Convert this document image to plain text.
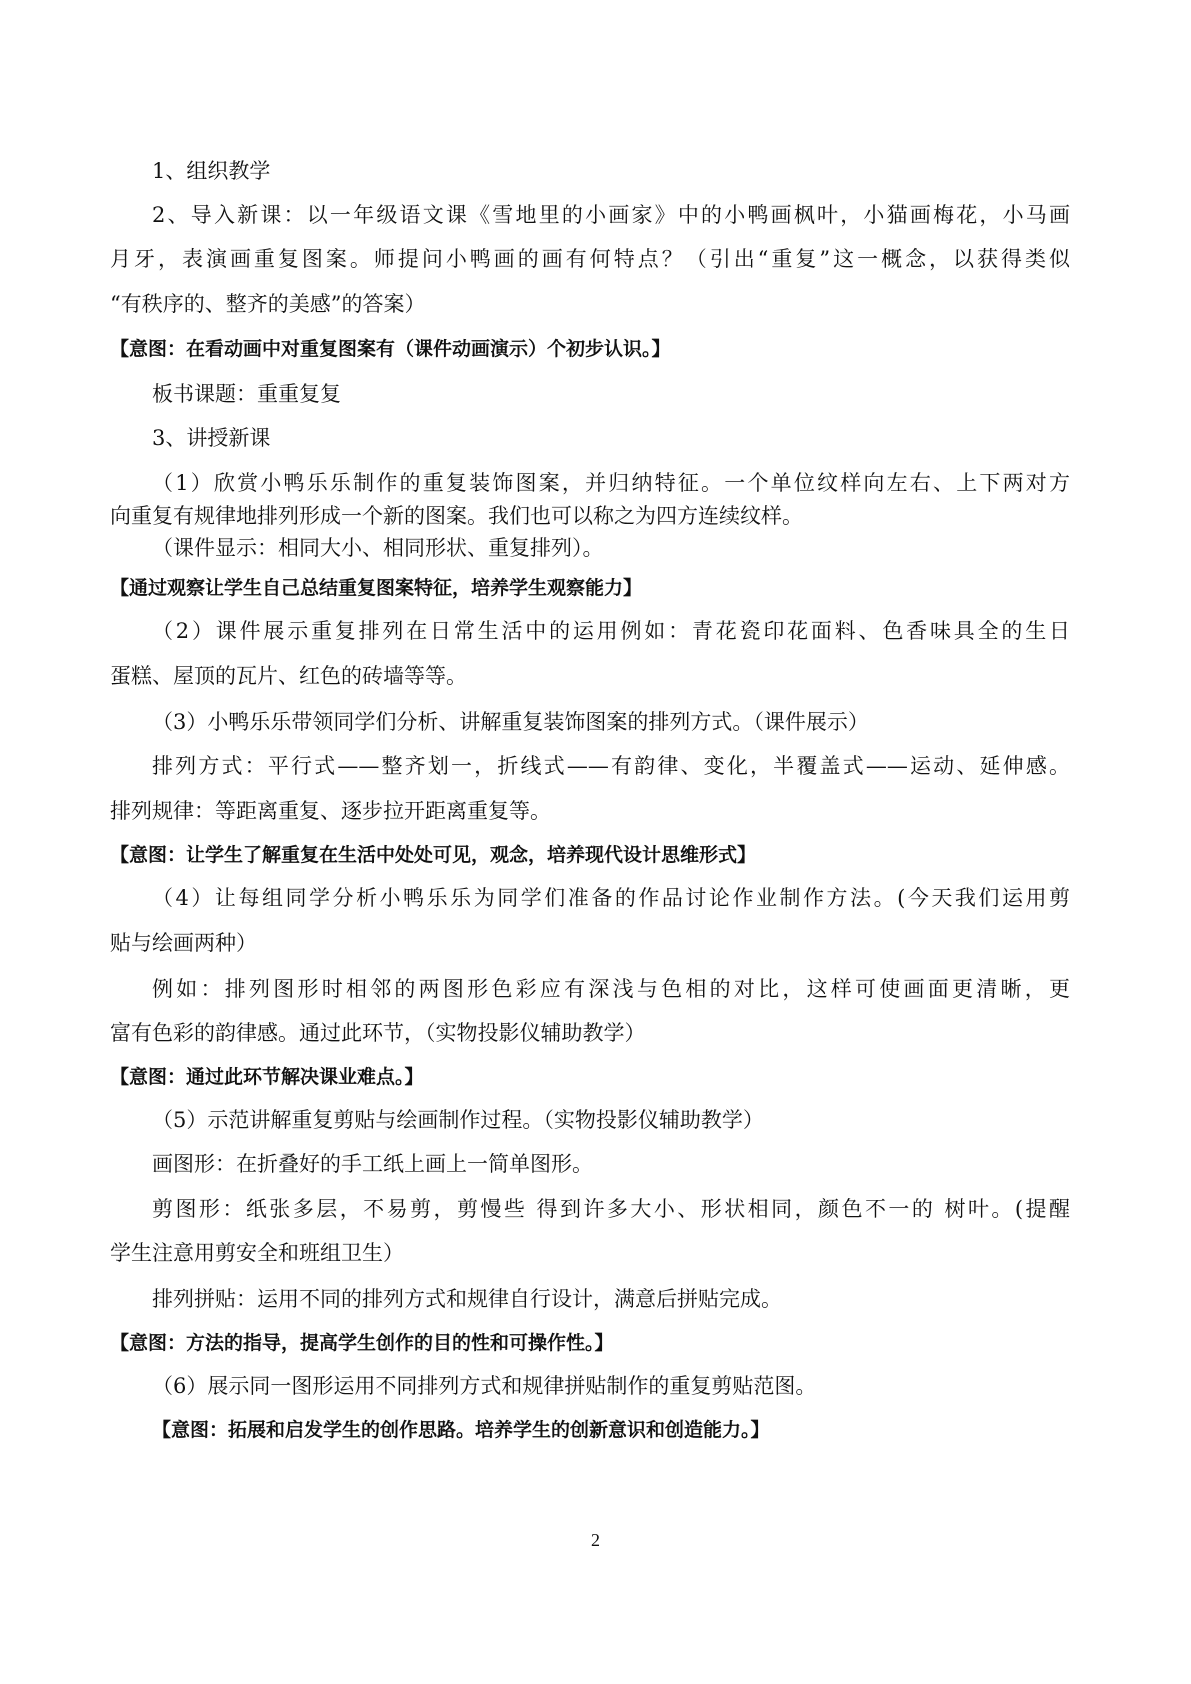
1、组织教学
2、导入新课：以一年级语文课《雪地里的小画家》中的小鸭画枫叶，小猫画梅花，小马画
月牙，表演画重复图案。师提问小鸭画的画有何特点？（引出“重复”这一概念，以获得类似
“有秩序的、整齐的美感”的答案）
【意图：在看动画中对重复图案有（课件动画演示）个初步认识。】
板书课题：重重复复
3、讲授新课
（1）欣赏小鸭乐乐制作的重复装饰图案，并归纳特征。一个单位纹样向左右、上下两对方
向重复有规律地排列形成一个新的图案。我们也可以称之为四方连续纹样。
（课件显示：相同大小、相同形状、重复排列）。
【通过观察让学生自己总结重复图案特征，培养学生观察能力】
（2）课件展示重复排列在日常生活中的运用例如：青花瓷印花面料、色香味具全的生日
蛋糕、屋顶的瓦片、红色的砖墙等等。
（3）小鸭乐乐带领同学们分析、讲解重复装饰图案的排列方式。（课件展示）
排列方式：平行式——整齐划一，折线式——有韵律、变化，半覆盖式——运动、延伸感。
排列规律：等距离重复、逐步拉开距离重复等。
【意图：让学生了解重复在生活中处处可见，观念，培养现代设计思维形式】
（4）让每组同学分析小鸭乐乐为同学们准备的作品讨论作业制作方法。(今天我们运用剪
贴与绘画两种）
例如：排列图形时相邻的两图形色彩应有深浅与色相的对比，这样可使画面更清晰，更
富有色彩的韵律感。通过此环节，（实物投影仪辅助教学）
【意图：通过此环节解决课业难点。】
（5）示范讲解重复剪贴与绘画制作过程。（实物投影仪辅助教学）
画图形：在折叠好的手工纸上画上一简单图形。
剪图形：纸张多层，不易剪，剪慢些 得到许多大小、形状相同，颜色不一的 树叶。(提醒
学生注意用剪安全和班组卫生）
排列拼贴：运用不同的排列方式和规律自行设计，满意后拼贴完成。
【意图：方法的指导，提高学生创作的目的性和可操作性。】
（6）展示同一图形运用不同排列方式和规律拼贴制作的重复剪贴范图。
【意图：拓展和启发学生的创作思路。培养学生的创新意识和创造能力。】
2
